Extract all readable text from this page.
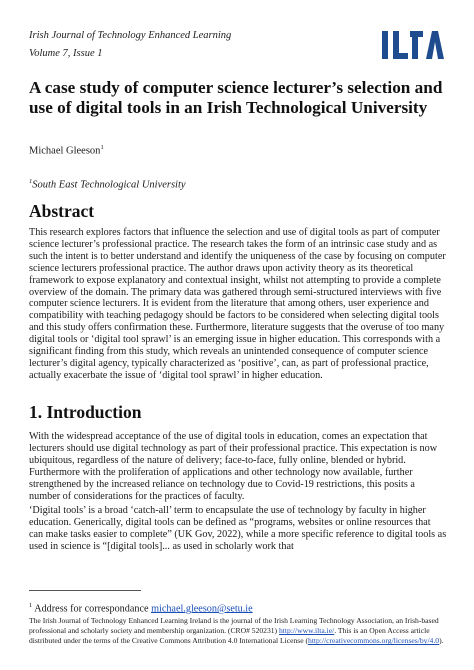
Irish Journal of Technology Enhanced Learning
Volume 7, Issue 1
A case study of computer science lecturer’s selection and use of digital tools in an Irish Technological University
Michael Gleeson$^1$
$^1$South East Technological University
Abstract

This research explores factors that influence the selection and use of digital tools as part of computer science lecturer’s professional practice. The research takes the form of an intrinsic case study and as such the intent is to better understand and identify the uniqueness of the case by focusing on computer science lecturers professional practice. The author draws upon activity theory as its theoretical framework to expose explanatory and contextual insight, whilst not attempting to provide a complete overview of the domain. The primary data was gathered through semi-structured interviews with five computer science lecturers. It is evident from the literature that among others, user experience and compatibility with teaching pedagogy should be factors to be considered when selecting digital tools and this study offers confirmation these. Furthermore, literature suggests that the overuse of too many digital tools or ‘digital tool sprawl’ is an emerging issue in higher education. This corresponds with a significant finding from this study, which reveals an unintended consequence of computer science lecturer’s digital agency, typically characterized as ‘positive’, can, as part of professional practice, actually exacerbate the issue of ‘digital tool sprawl’ in higher education.

1. Introduction

With the widespread acceptance of the use of digital tools in education, comes an expectation that lecturers should use digital technology as part of their professional practice. This expectation is now ubiquitous, regardless of the nature of delivery; face-to-face, fully online, blended or hybrid. Furthermore with the proliferation of applications and other technology now available, further strengthened by the increased reliance on technology due to Covid-19 restrictions, this posits a number of considerations for the practices of faculty.

‘Digital tools’ is a broad ‘catch-all’ term to encapsulate the use of technology by faculty in higher education. Generically, digital tools can be defined as “programs, websites or online resources that can make tasks easier to complete” (UK Gov, 2022), while a more specific reference to digital tools as used in science is “[digital tools]... as used in scholarly work that

$^1$ Address for correspondance michael.gleeson@setu.ie

The Irish Journal of Technology Enhanced Learning Ireland is the journal of the Irish Learning Technology Association, an Irish-based professional and scholarly society and membership organization. (CRO# 520231) http://www.ilta.ie/. This is an Open Access article distributed under the terms of the Creative Commons Attribution 4.0 International License (http://creativecommons.org/licenses/by/4.0).
